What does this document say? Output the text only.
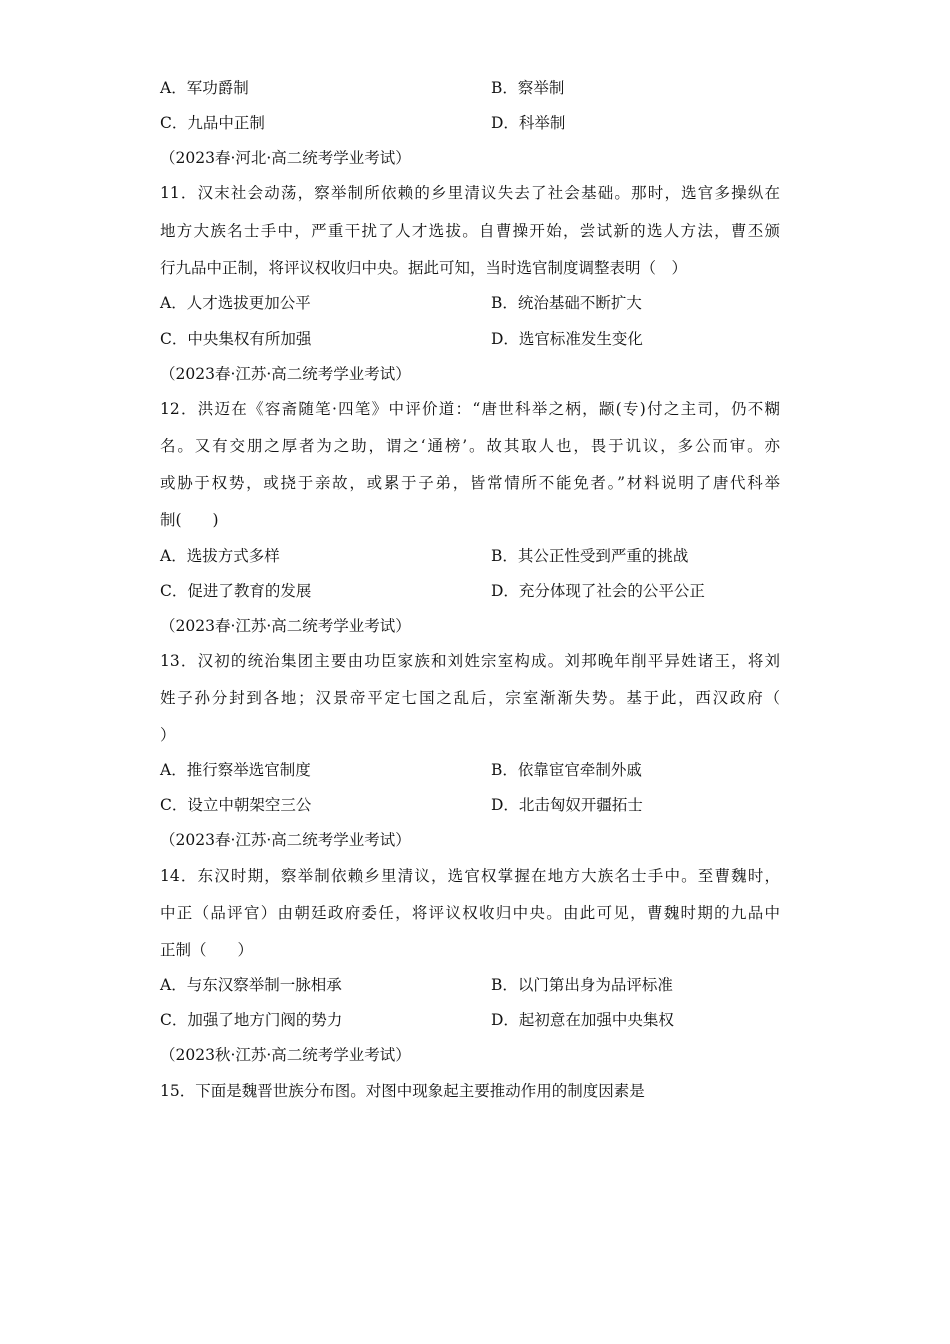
A．军功爵制	B．察举制
C．九品中正制	D．科举制
（2023春·河北·高二统考学业考试）
11．汉末社会动荡，察举制所依赖的乡里清议失去了社会基础。那时，选官多操纵在
地方大族名士手中，严重干扰了人才选拔。自曹操开始，尝试新的选人方法，曹丕颁
行九品中正制，将评议权收归中央。据此可知，当时选官制度调整表明（　）
A．人才选拔更加公平	B．统治基础不断扩大
C．中央集权有所加强	D．选官标准发生变化
（2023春·江苏·高二统考学业考试）
12．洪迈在《容斋随笔·四笔》中评价道：“唐世科举之柄，颛(专)付之主司，仍不糊
名。又有交朋之厚者为之助，谓之‘通榜’。故其取人也，畏于讥议，多公而审。亦
或胁于权势，或挠于亲故，或累于子弟，皆常情所不能免者。”材料说明了唐代科举
制(　　)
A．选拔方式多样	B．其公正性受到严重的挑战
C．促进了教育的发展	D．充分体现了社会的公平公正
（2023春·江苏·高二统考学业考试）
13．汉初的统治集团主要由功臣家族和刘姓宗室构成。刘邦晚年削平异姓诸王，将刘
姓子孙分封到各地；汉景帝平定七国之乱后，宗室渐渐失势。基于此，西汉政府（
）
A．推行察举选官制度	B．依靠宦官牵制外戚
C．设立中朝架空三公	D．北击匈奴开疆拓士
（2023春·江苏·高二统考学业考试）
14．东汉时期，察举制依赖乡里清议，选官权掌握在地方大族名士手中。至曹魏时，
中正（品评官）由朝廷政府委任，将评议权收归中央。由此可见，曹魏时期的九品中
正制（　　）
A．与东汉察举制一脉相承	B．以门第出身为品评标准
C．加强了地方门阀的势力	D．起初意在加强中央集权
（2023秋·江苏·高二统考学业考试）
15．下面是魏晋世族分布图。对图中现象起主要推动作用的制度因素是
